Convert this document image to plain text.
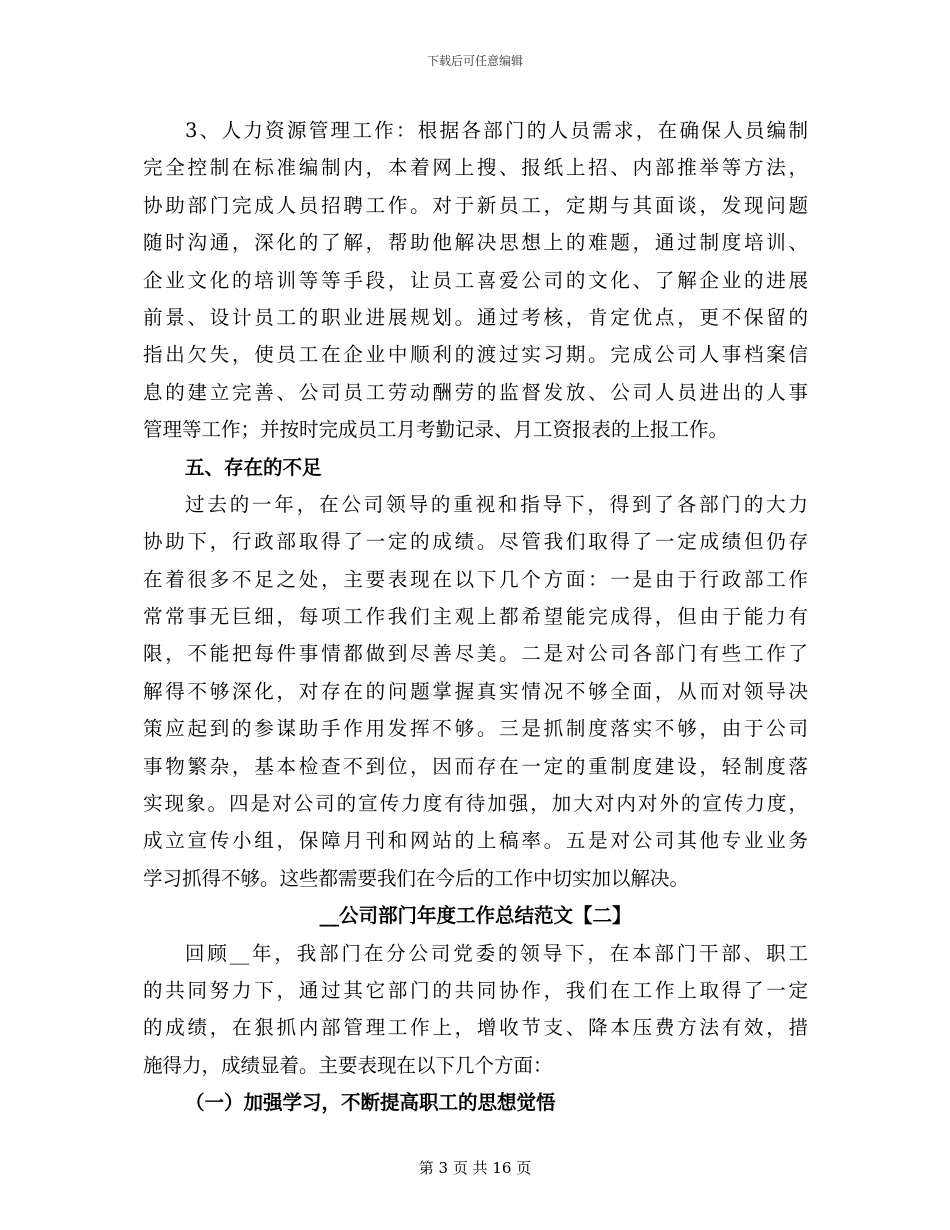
下载后可任意编辑
3、人力资源管理工作：根据各部门的人员需求，在确保人员编制
完全控制在标准编制内，本着网上搜、报纸上招、内部推举等方法，
协助部门完成人员招聘工作。对于新员工，定期与其面谈，发现问题
随时沟通，深化的了解，帮助他解决思想上的难题，通过制度培训、
企业文化的培训等等手段，让员工喜爱公司的文化、了解企业的进展
前景、设计员工的职业进展规划。通过考核，肯定优点，更不保留的
指出欠失，使员工在企业中顺利的渡过实习期。完成公司人事档案信
息的建立完善、公司员工劳动酬劳的监督发放、公司人员进出的人事
管理等工作；并按时完成员工月考勤记录、月工资报表的上报工作。
五、存在的不足
过去的一年，在公司领导的重视和指导下，得到了各部门的大力
协助下，行政部取得了一定的成绩。尽管我们取得了一定成绩但仍存
在着很多不足之处，主要表现在以下几个方面：一是由于行政部工作
常常事无巨细，每项工作我们主观上都希望能完成得，但由于能力有
限，不能把每件事情都做到尽善尽美。二是对公司各部门有些工作了
解得不够深化，对存在的问题掌握真实情况不够全面，从而对领导决
策应起到的参谋助手作用发挥不够。三是抓制度落实不够，由于公司
事物繁杂，基本检查不到位，因而存在一定的重制度建设，轻制度落
实现象。四是对公司的宣传力度有待加强，加大对内对外的宣传力度，
成立宣传小组，保障月刊和网站的上稿率。五是对公司其他专业业务
学习抓得不够。这些都需要我们在今后的工作中切实加以解决。
__公司部门年度工作总结范文【二】
回顾__年，我部门在分公司党委的领导下，在本部门干部、职工
的共同努力下，通过其它部门的共同协作，我们在工作上取得了一定
的成绩，在狠抓内部管理工作上，增收节支、降本压费方法有效，措
施得力，成绩显着。主要表现在以下几个方面：
（一）加强学习，不断提高职工的思想觉悟
第 3 页 共 16 页
